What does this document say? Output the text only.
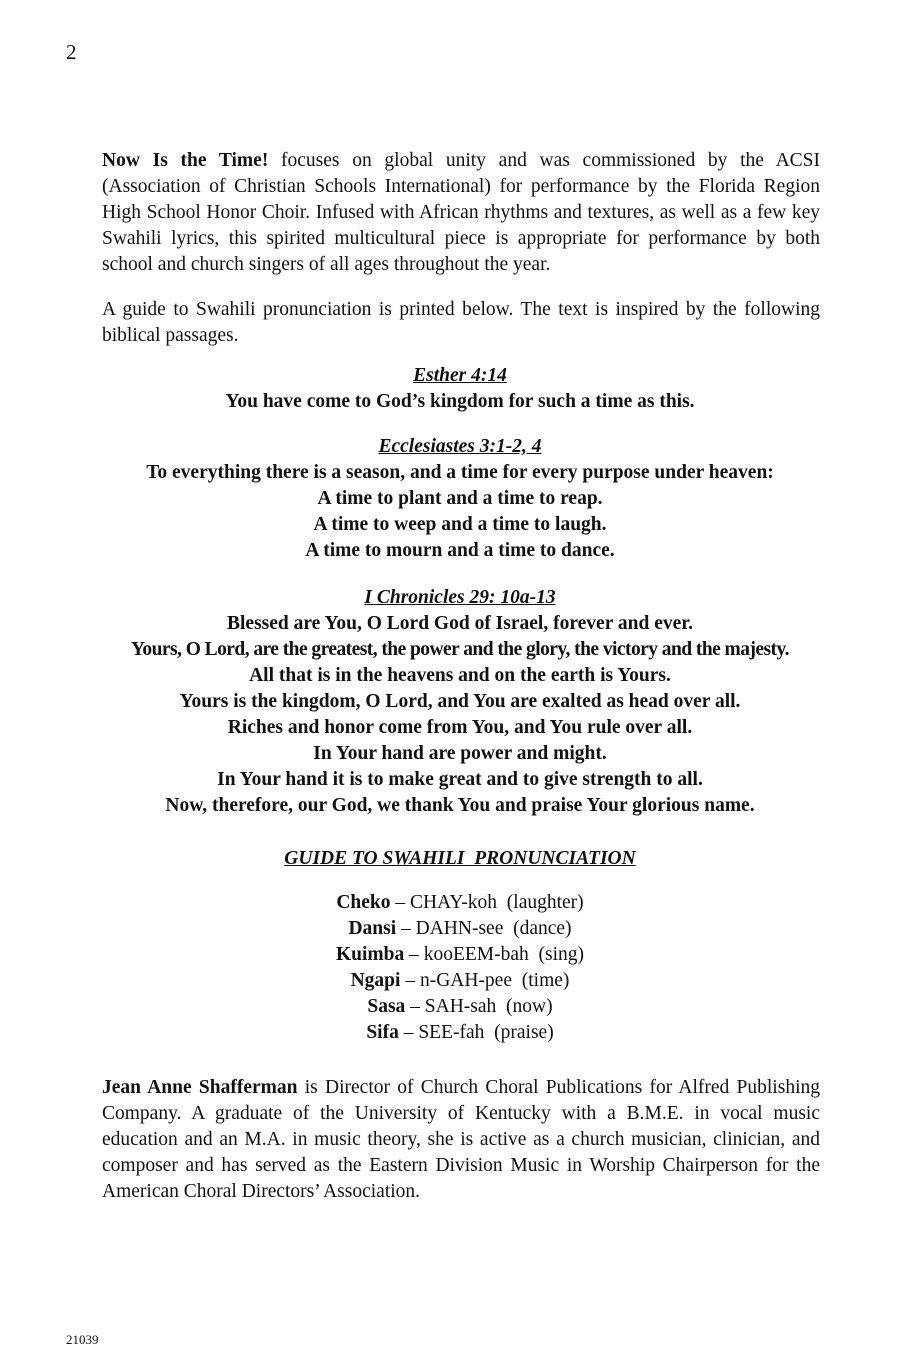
2

Now Is the Time! focuses on global unity and was commissioned by the ACSI (Association of Christian Schools International) for performance by the Florida Region High School Honor Choir. Infused with African rhythms and textures, as well as a few key Swahili lyrics, this spirited multicultural piece is appropriate for performance by both school and church singers of all ages throughout the year.

A guide to Swahili pronunciation is printed below. The text is inspired by the following biblical passages.

Esther 4:14
You have come to God’s kingdom for such a time as this.
Ecclesiastes 3:1-2, 4
To everything there is a season, and a time for every purpose under heaven:
A time to plant and a time to reap.
A time to weep and a time to laugh.
A time to mourn and a time to dance.
I Chronicles 29: 10a-13
Blessed are You, O Lord God of Israel, forever and ever.
Yours, O Lord, are the greatest, the power and the glory, the victory and the majesty.
All that is in the heavens and on the earth is Yours.
Yours is the kingdom, O Lord, and You are exalted as head over all.
Riches and honor come from You, and You rule over all.
In Your hand are power and might.
In Your hand it is to make great and to give strength to all.
Now, therefore, our God, we thank You and praise Your glorious name.
GUIDE TO SWAHILI  PRONUNCIATION
Cheko – CHAY-koh  (laughter)
Dansi – DAHN-see  (dance)
Kuimba – kooEEM-bah  (sing)
Ngapi – n-GAH-pee  (time)
Sasa – SAH-sah  (now)
Sifa – SEE-fah  (praise)

Jean Anne Shafferman is Director of Church Choral Publications for Alfred Publishing Company. A graduate of the University of Kentucky with a B.M.E. in vocal music education and an M.A. in music theory, she is active as a church musician, clinician, and composer and has served as the Eastern Division Music in Worship Chairperson for the American Choral Directors’ Association.

21039
